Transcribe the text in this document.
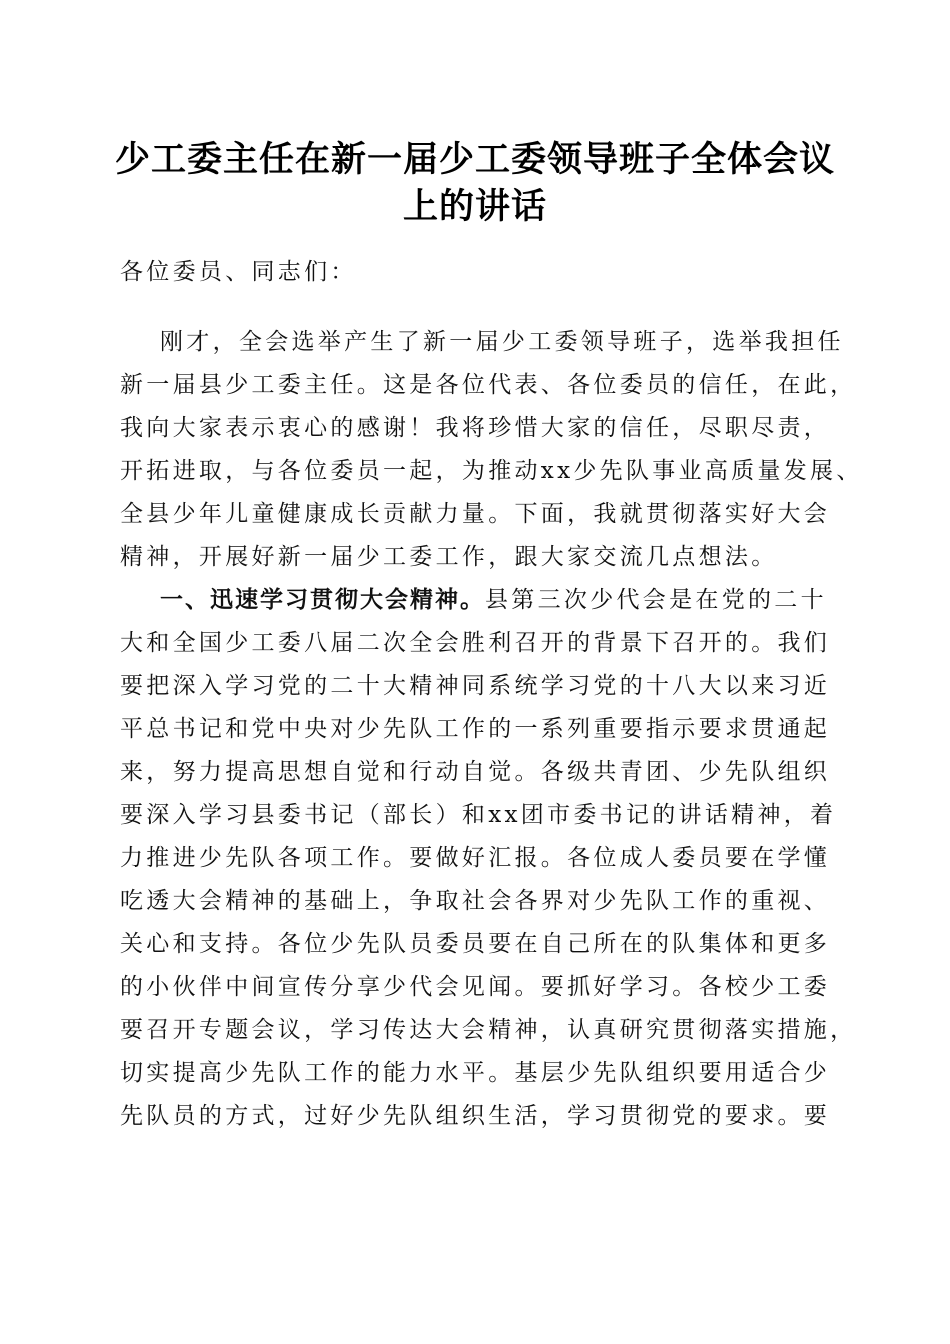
少工委主任在新一届少工委领导班子全体会议
上的讲话
各位委员、同志们：
刚才，全会选举产生了新一届少工委领导班子，选举我担任
新一届县少工委主任。这是各位代表、各位委员的信任，在此，
我向大家表示衷心的感谢！我将珍惜大家的信任，尽职尽责，
开拓进取，与各位委员一起，为推动xx少先队事业高质量发展、
全县少年儿童健康成长贡献力量。下面，我就贯彻落实好大会
精神，开展好新一届少工委工作，跟大家交流几点想法。
一、迅速学习贯彻大会精神。县第三次少代会是在党的二十
大和全国少工委八届二次全会胜利召开的背景下召开的。我们
要把深入学习党的二十大精神同系统学习党的十八大以来习近
平总书记和党中央对少先队工作的一系列重要指示要求贯通起
来，努力提高思想自觉和行动自觉。各级共青团、少先队组织
要深入学习县委书记（部长）和xx团市委书记的讲话精神，着
力推进少先队各项工作。要做好汇报。各位成人委员要在学懂
吃透大会精神的基础上，争取社会各界对少先队工作的重视、
关心和支持。各位少先队员委员要在自己所在的队集体和更多
的小伙伴中间宣传分享少代会见闻。要抓好学习。各校少工委
要召开专题会议，学习传达大会精神，认真研究贯彻落实措施，
切实提高少先队工作的能力水平。基层少先队组织要用适合少
先队员的方式，过好少先队组织生活，学习贯彻党的要求。要
